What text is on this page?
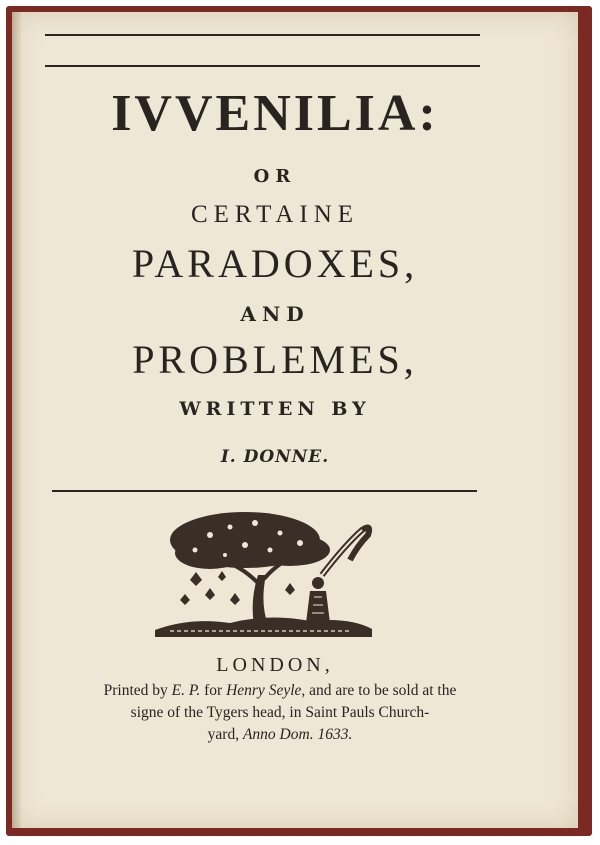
IVVENILIA:
OR
CERTAINE
PARADOXES,
AND
PROBLEMES,
WRITTEN BY
I. DONNE.
LONDON,
Printed by E. P. for Henry Seyle, and are to be sold at the
signe of the Tygers head, in Saint Pauls Church-
yard, Anno Dom. 1633.
